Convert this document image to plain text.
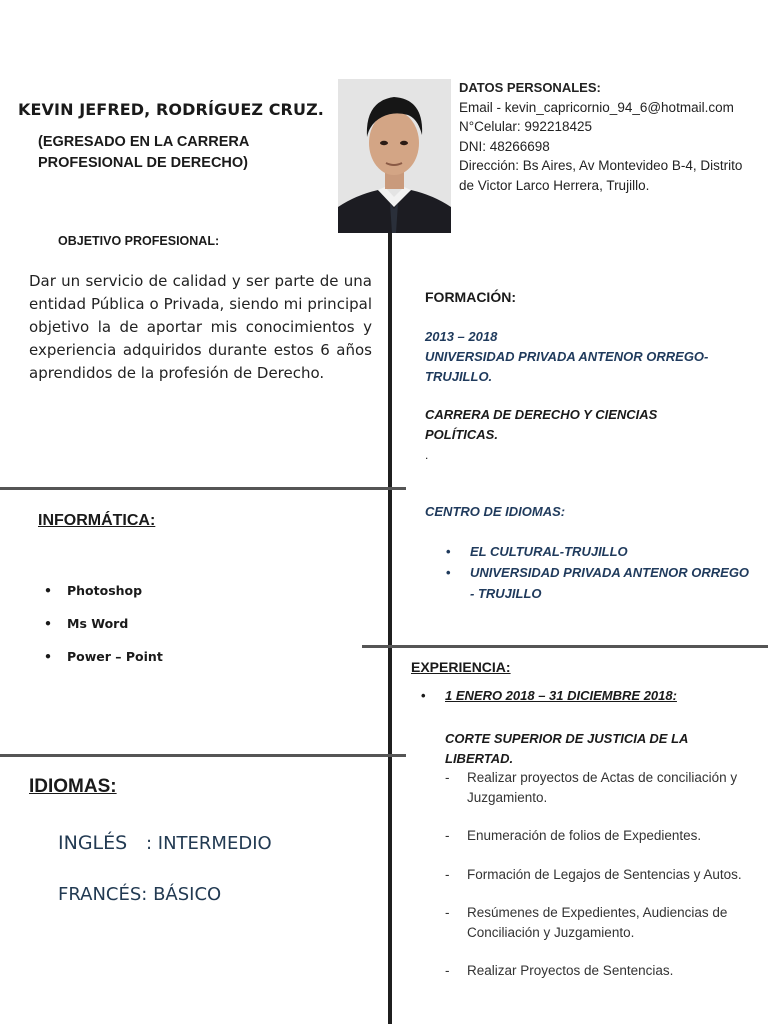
KEVIN JEFRED, RODRÍGUEZ CRUZ.
(EGRESADO EN LA CARRERA
PROFESIONAL DE DERECHO)
DATOS PERSONALES:
Email - kevin_capricornio_94_6@hotmail.com
N°Celular: 992218425
DNI: 48266698
Dirección: Bs Aires, Av Montevideo B-4, Distrito
de Victor Larco Herrera, Trujillo.
OBJETIVO PROFESIONAL:
Dar un servicio de calidad y ser parte de una entidad Pública o Privada, siendo mi principal objetivo la de aportar mis conocimientos y experiencia adquiridos durante estos 6 años aprendidos de la profesión de Derecho.
FORMACIÓN:
2013 – 2018
UNIVERSIDAD PRIVADA ANTENOR ORREGO-
TRUJILLO.
CARRERA DE DERECHO Y CIENCIAS
POLÍTICAS.
.
CENTRO DE IDIOMAS:
• EL CULTURAL-TRUJILLO
• UNIVERSIDAD PRIVADA ANTENOR ORREGO - TRUJILLO
INFORMÁTICA:
• Photoshop
• Ms Word
• Power – Point
EXPERIENCIA:
• 1 ENERO 2018 – 31 DICIEMBRE 2018:
CORTE SUPERIOR DE JUSTICIA DE LA
LIBERTAD.
- Realizar proyectos de Actas de conciliación y Juzgamiento.
- Enumeración de folios de Expedientes.
- Formación de Legajos de Sentencias y Autos.
- Resúmenes de Expedientes, Audiencias de Conciliación y Juzgamiento.
- Realizar Proyectos de Sentencias.
IDIOMAS:
INGLÉS : INTERMEDIO
FRANCÉS: BÁSICO
